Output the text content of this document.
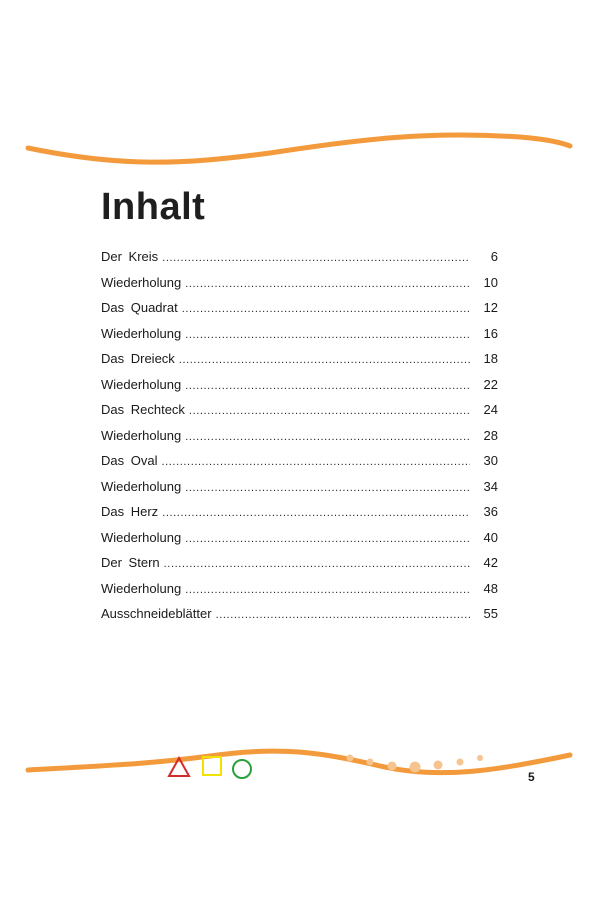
Inhalt
Der Kreis .....	6
Wiederholung .....	10
Das Quadrat .....	12
Wiederholung .....	16
Das Dreieck .....	18
Wiederholung .....	22
Das Rechteck .....	24
Wiederholung .....	28
Das Oval .....	30
Wiederholung .....	34
Das Herz .....	36
Wiederholung .....	40
Der Stern .....	42
Wiederholung .....	48
Ausschneideblätter .....	55
5
